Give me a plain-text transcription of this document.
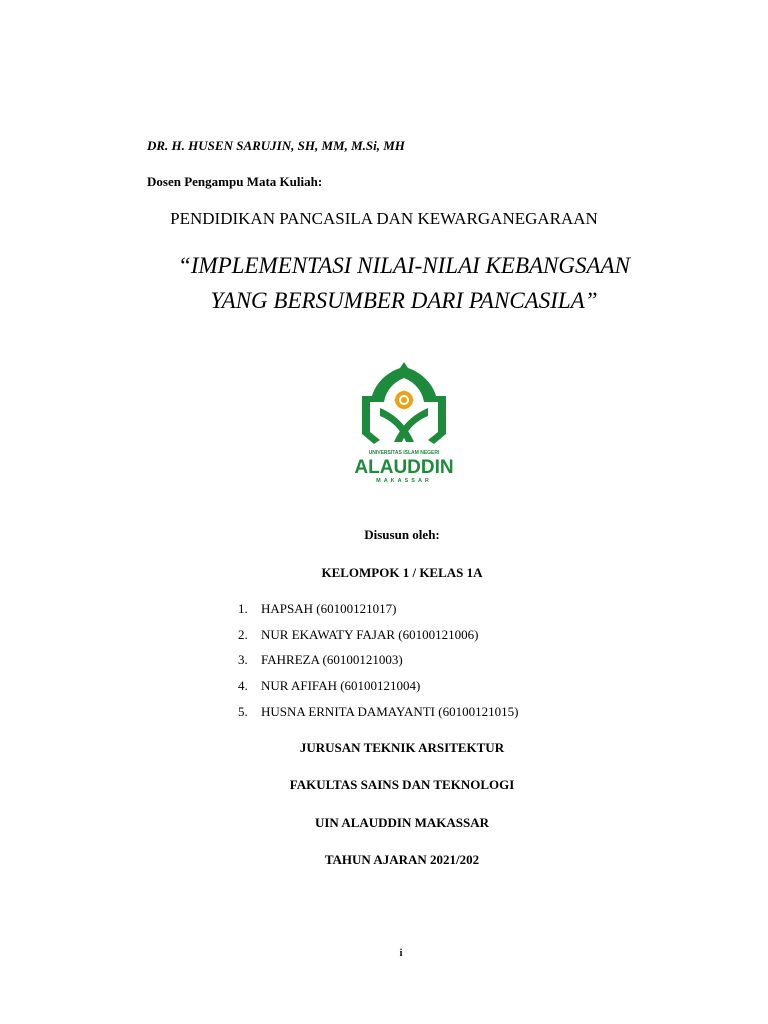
DR. H. HUSEN SARUJIN, SH, MM, M.Si, MH
Dosen Pengampu Mata Kuliah:
PENDIDIKAN PANCASILA DAN KEWARGANEGARAAN
“IMPLEMENTASI NILAI-NILAI KEBANGSAAN
YANG BERSUMBER DARI PANCASILA”
UNIVERSITAS ISLAM NEGERI
ALAUDDIN
MAKASSAR
Disusun oleh:
KELOMPOK 1 / KELAS 1A
1. HAPSAH (60100121017)
2. NUR EKAWATY FAJAR (60100121006)
3. FAHREZA (60100121003)
4. NUR AFIFAH (60100121004)
5. HUSNA ERNITA DAMAYANTI (60100121015)
JURUSAN TEKNIK ARSITEKTUR
FAKULTAS SAINS DAN TEKNOLOGI
UIN ALAUDDIN MAKASSAR
TAHUN AJARAN 2021/202
i
